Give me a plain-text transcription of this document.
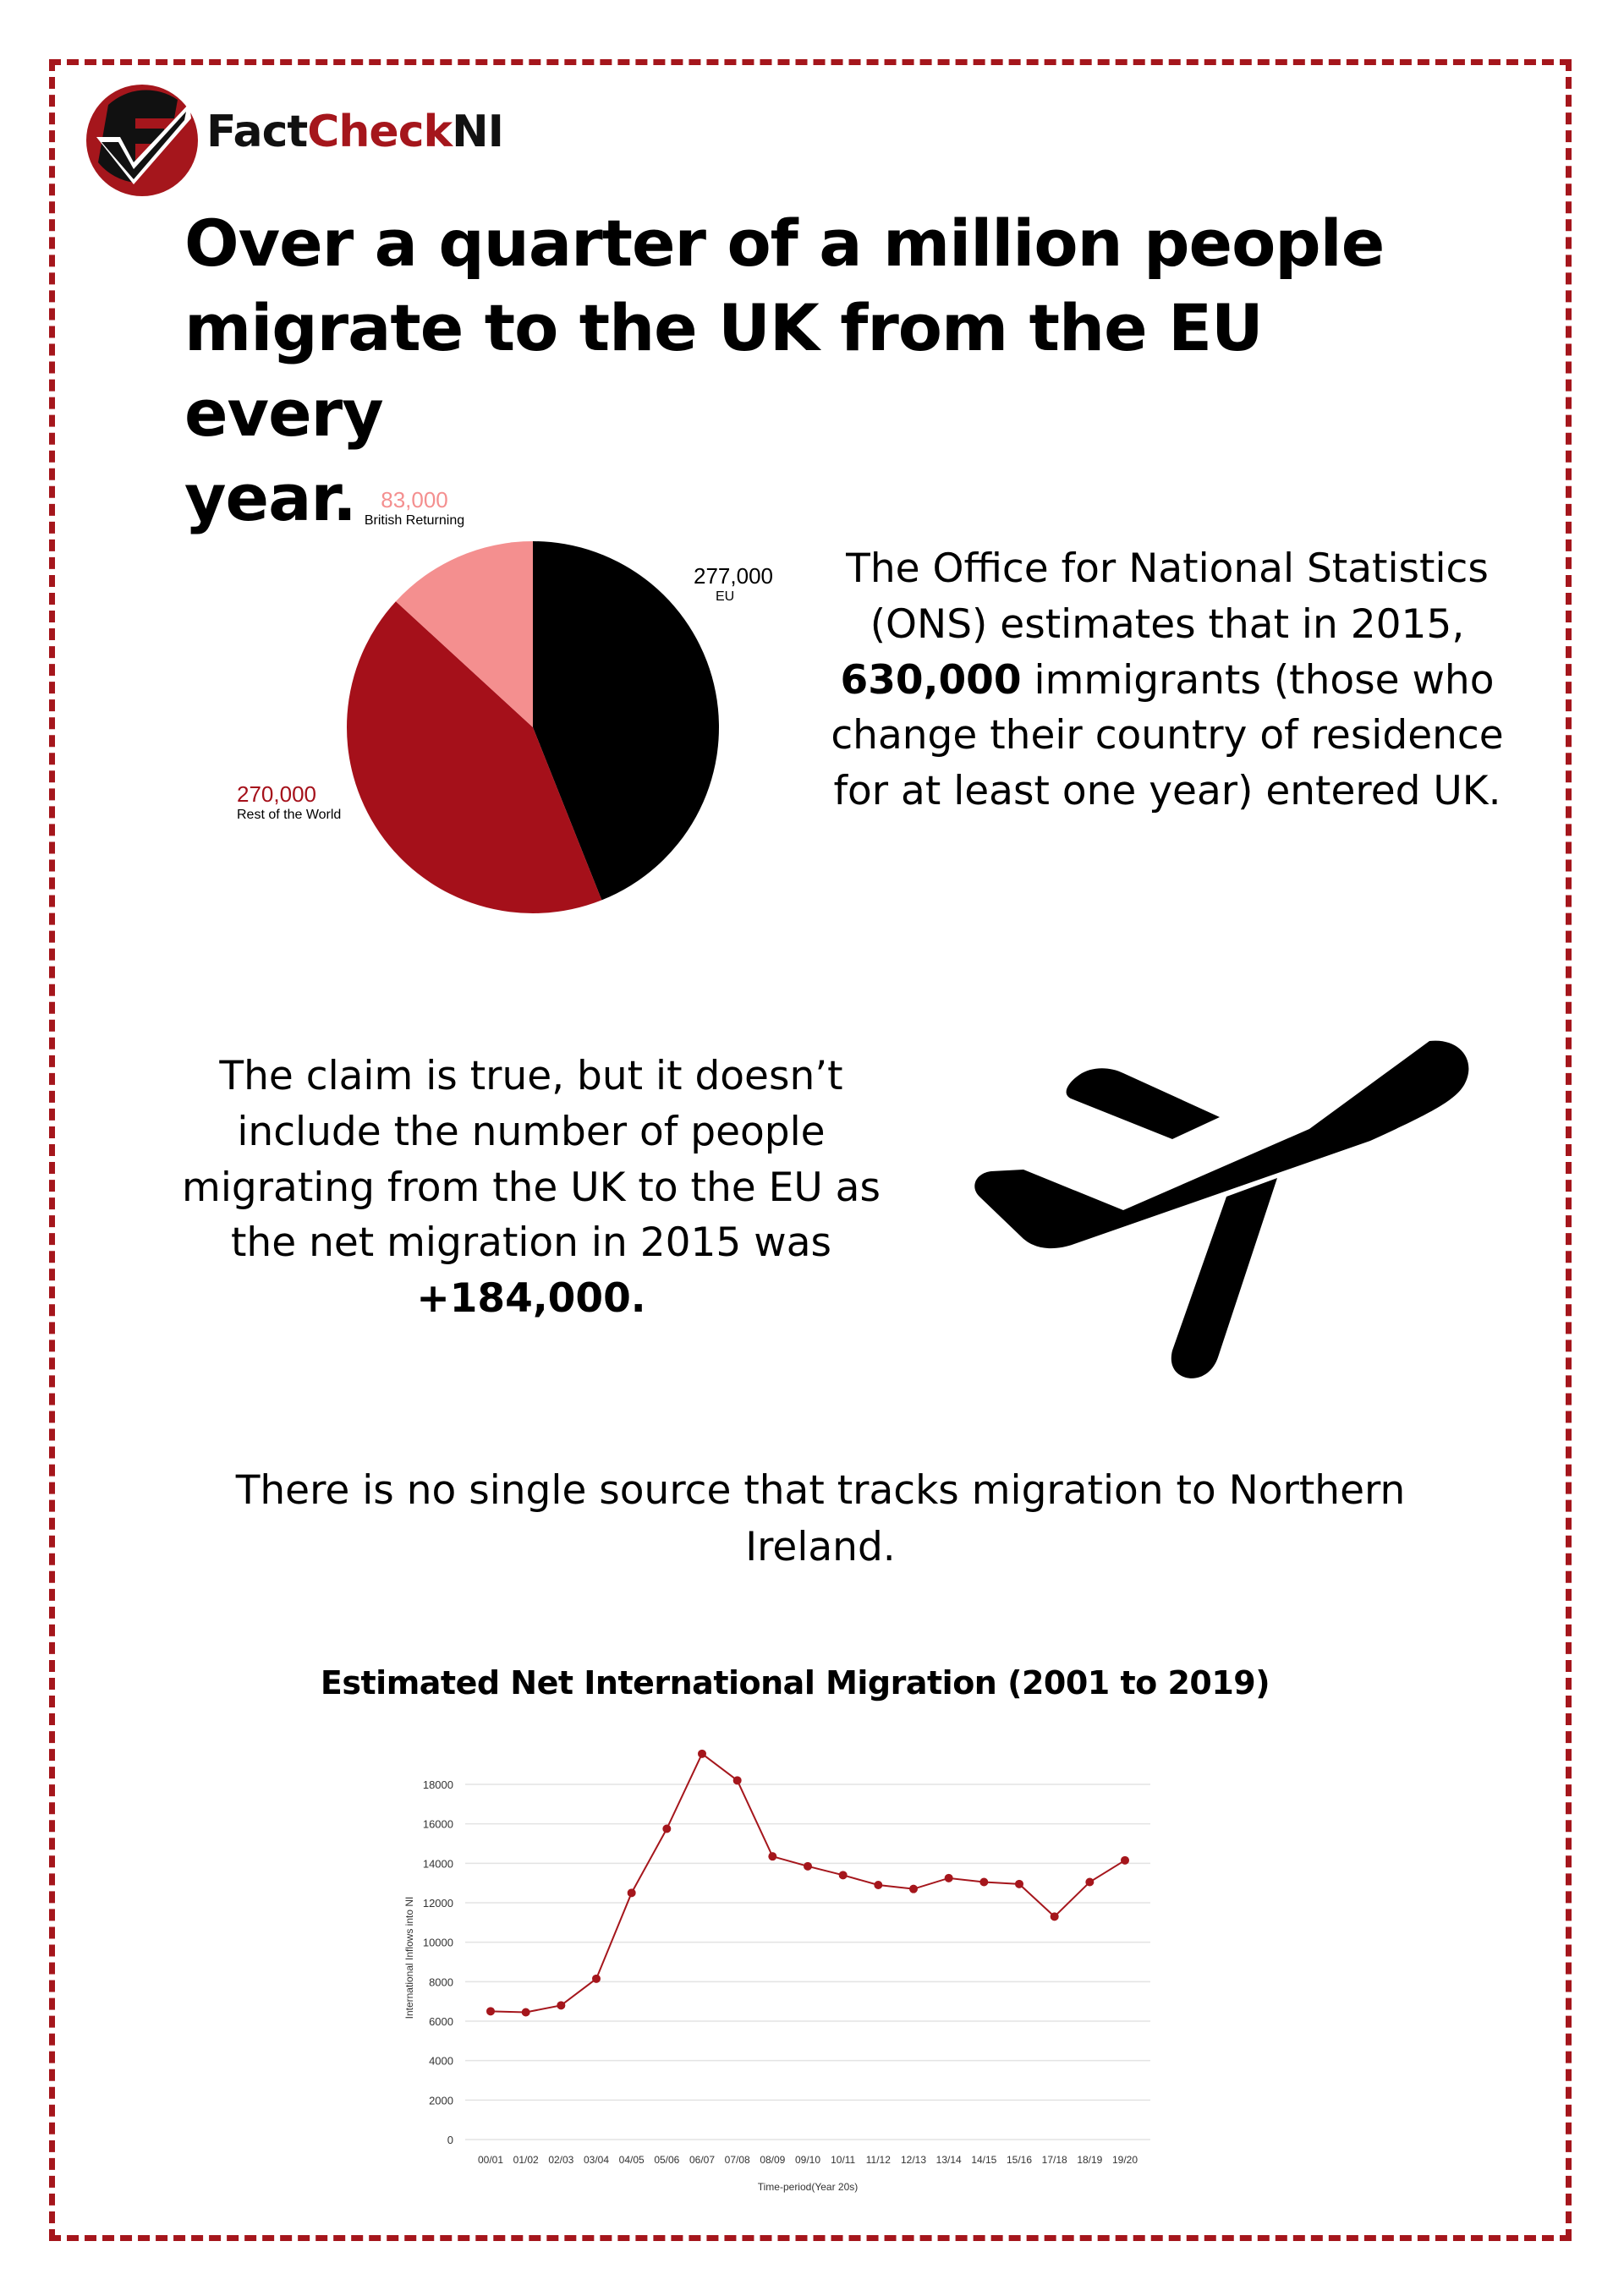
FactCheckNI
Over a quarter of a million people
migrate to the UK from the EU every
year.
277,000
EU
270,000
Rest of the World
83,000
British Returning
The Office for National Statistics (ONS) estimates that in 2015, 630,000 immigrants (those who change their country of residence for at least one year) entered UK.
The claim is true, but it doesn’t include the number of people migrating from the UK to the EU as the net migration in 2015 was
+184,000.
There is no single source that tracks migration to Northern Ireland.
Estimated Net International Migration (2001 to 2019)
0
2000
4000
6000
8000
10000
12000
14000
16000
18000
00/01 01/02 02/03 03/04 04/05 05/06 06/07 07/08 08/09 09/10 10/11 11/12 12/13 13/14 14/15 15/16 17/18 18/19 19/20
Time-period(Year 20s)
International Inflows into NI
